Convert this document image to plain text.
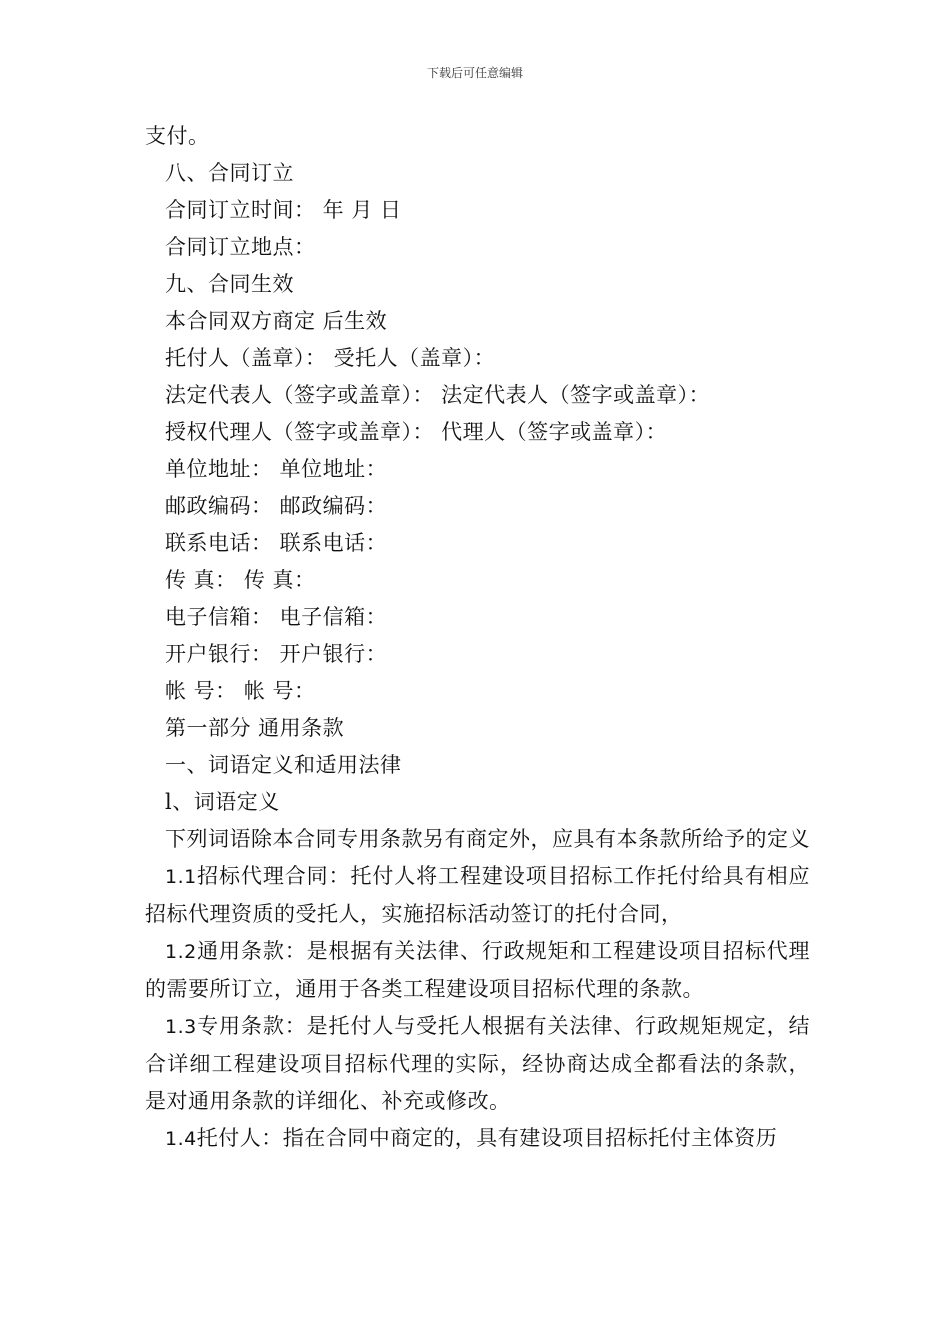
下载后可任意编辑
支付。
八、合同订立
合同订立时间： 年 月 日
合同订立地点：
九、合同生效
本合同双方商定 后生效
托付人（盖章）： 受托人（盖章）：
法定代表人（签字或盖章）： 法定代表人（签字或盖章）：
授权代理人（签字或盖章）： 代理人（签字或盖章）：
单位地址： 单位地址：
邮政编码： 邮政编码：
联系电话： 联系电话：
传 真： 传 真：
电子信箱： 电子信箱：
开户银行： 开户银行：
帐 号： 帐 号：
第一部分 通用条款
一、词语定义和适用法律
l、词语定义

下列词语除本合同专用条款另有商定外，应具有本条款所给予的定义

1.1招标代理合同：托付人将工程建设项目招标工作托付给具有相应招标代理资质的受托人，实施招标活动签订的托付合同，

1.2通用条款：是根据有关法律、行政规矩和工程建设项目招标代理的需要所订立，通用于各类工程建设项目招标代理的条款。

1.3专用条款：是托付人与受托人根据有关法律、行政规矩规定，结合详细工程建设项目招标代理的实际，经协商达成全都看法的条款，是对通用条款的详细化、补充或修改。

1.4托付人：指在合同中商定的，具有建设项目招标托付主体资历
